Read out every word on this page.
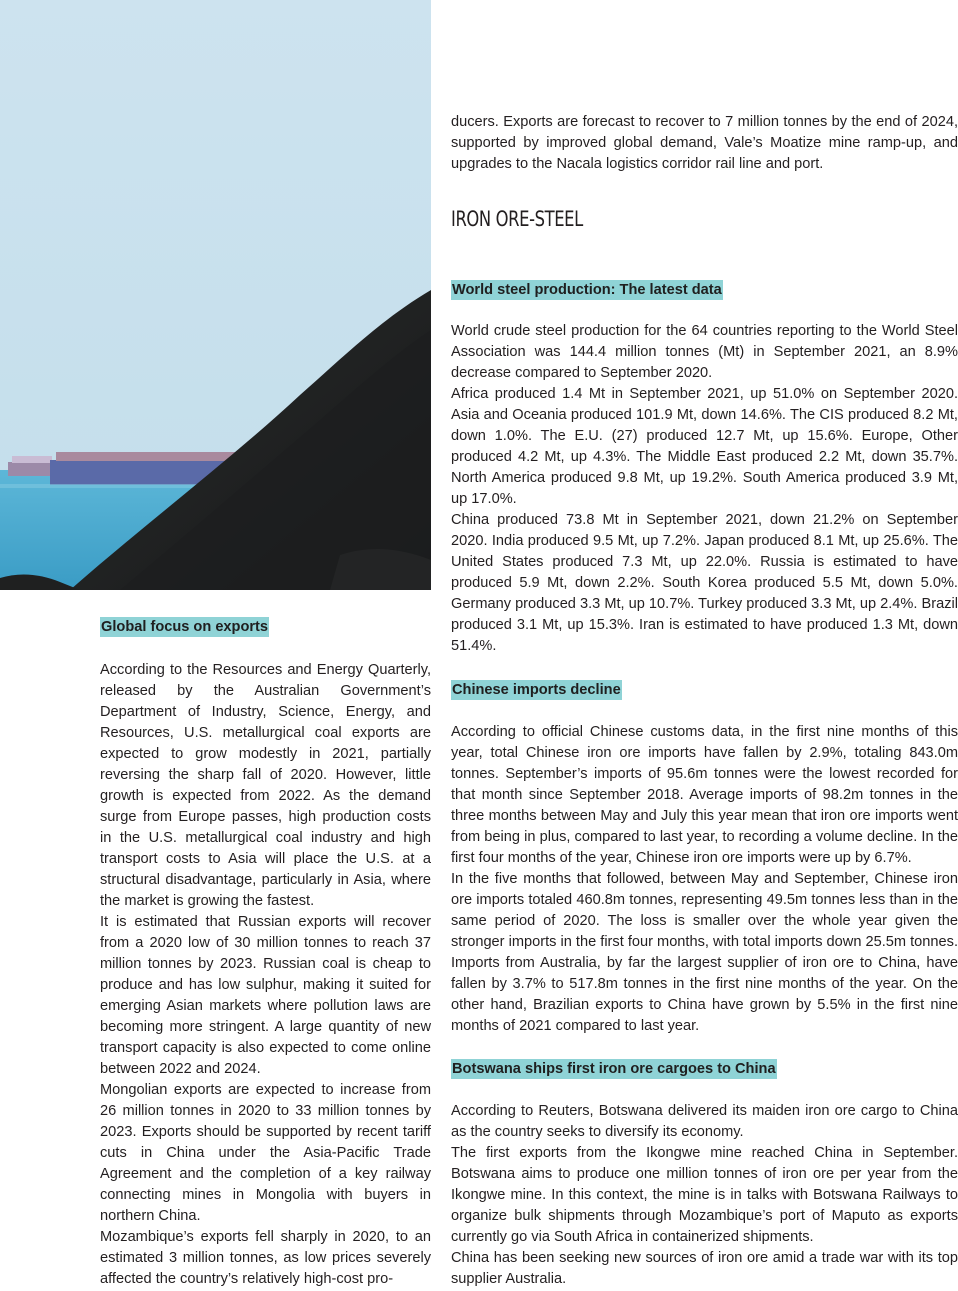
ducers. Exports are forecast to recover to 7 million tonnes by the end of 2024, supported by improved global demand, Vale’s Moatize mine ramp-up, and upgrades to the Nacala logistics corridor rail line and port.

IRON ORE-STEEL
World steel production: The latest data

World crude steel production for the 64 countries reporting to the World Steel Association was 144.4 million tonnes (Mt) in September 2021, an 8.9% decrease compared to September 2020.

Africa produced 1.4 Mt in September 2021, up 51.0% on September 2020. Asia and Oceania produced 101.9 Mt, down 14.6%. The CIS produced 8.2 Mt, down 1.0%. The E.U. (27) produced 12.7 Mt, up 15.6%. Europe, Other produced 4.2 Mt, up 4.3%. The Middle East produced 2.2 Mt, down 35.7%. North America produced 9.8 Mt, up 19.2%. South America produced 3.9 Mt, up 17.0%.

China produced 73.8 Mt in September 2021, down 21.2% on September 2020. India produced 9.5 Mt, up 7.2%. Japan produced 8.1 Mt, up 25.6%. The United States produced 7.3 Mt, up 22.0%. Russia is estimated to have produced 5.9 Mt, down 2.2%. South Korea produced 5.5 Mt, down 5.0%. Germany produced 3.3 Mt, up 10.7%. Turkey produced 3.3 Mt, up 2.4%. Brazil produced 3.1 Mt, up 15.3%. Iran is estimated to have produced 1.3 Mt, down 51.4%.

Chinese imports decline

According to official Chinese customs data, in the first nine months of this year, total Chinese iron ore imports have fallen by 2.9%, totaling 843.0m tonnes. September’s imports of 95.6m tonnes were the lowest recorded for that month since September 2018. Average imports of 98.2m tonnes in the three months between May and July this year mean that iron ore imports went from being in plus, compared to last year, to recording a volume decline. In the first four months of the year, Chinese iron ore imports were up by 6.7%.

In the five months that followed, between May and September, Chinese iron ore imports totaled 460.8m tonnes, representing 49.5m tonnes less than in the same period of 2020. The loss is smaller over the whole year given the stronger imports in the first four months, with total imports down 25.5m tonnes. Imports from Australia, by far the largest supplier of iron ore to China, have fallen by 3.7% to 517.8m tonnes in the first nine months of the year. On the other hand, Brazilian exports to China have grown by 5.5% in the first nine months of 2021 compared to last year.

Botswana ships first iron ore cargoes to China

According to Reuters, Botswana delivered its maiden iron ore cargo to China as the country seeks to diversify its economy.

The first exports from the Ikongwe mine reached China in September. Botswana aims to produce one million tonnes of iron ore per year from the Ikongwe mine. In this context, the mine is in talks with Botswana Railways to organize bulk shipments through Mozambique’s port of Maputo as exports currently go via South Africa in containerized shipments.

China has been seeking new sources of iron ore amid a trade war with its top supplier Australia.

Global focus on exports

According to the Resources and Energy Quarterly, released by the Australian Government’s Department of Industry, Science, Energy, and Resources, U.S. metallurgical coal exports are expected to grow modestly in 2021, partially reversing the sharp fall of 2020. However, little growth is expected from 2022. As the demand surge from Europe passes, high production costs in the U.S. metallurgical coal industry and high transport costs to Asia will place the U.S. at a structural disadvantage, particularly in Asia, where the market is growing the fastest.

It is estimated that Russian exports will recover from a 2020 low of 30 million tonnes to reach 37 million tonnes by 2023. Russian coal is cheap to produce and has low sulphur, making it suited for emerging Asian markets where pollution laws are becoming more stringent. A large quantity of new transport capacity is also expected to come online between 2022 and 2024.

Mongolian exports are expected to increase from 26 million tonnes in 2020 to 33 million tonnes by 2023. Exports should be supported by recent tariff cuts in China under the Asia-Pacific Trade Agreement and the completion of a key railway connecting mines in Mongolia with buyers in northern China.

Mozambique’s exports fell sharply in 2020, to an estimated 3 million tonnes, as low prices severely affected the country’s relatively high-cost pro-
